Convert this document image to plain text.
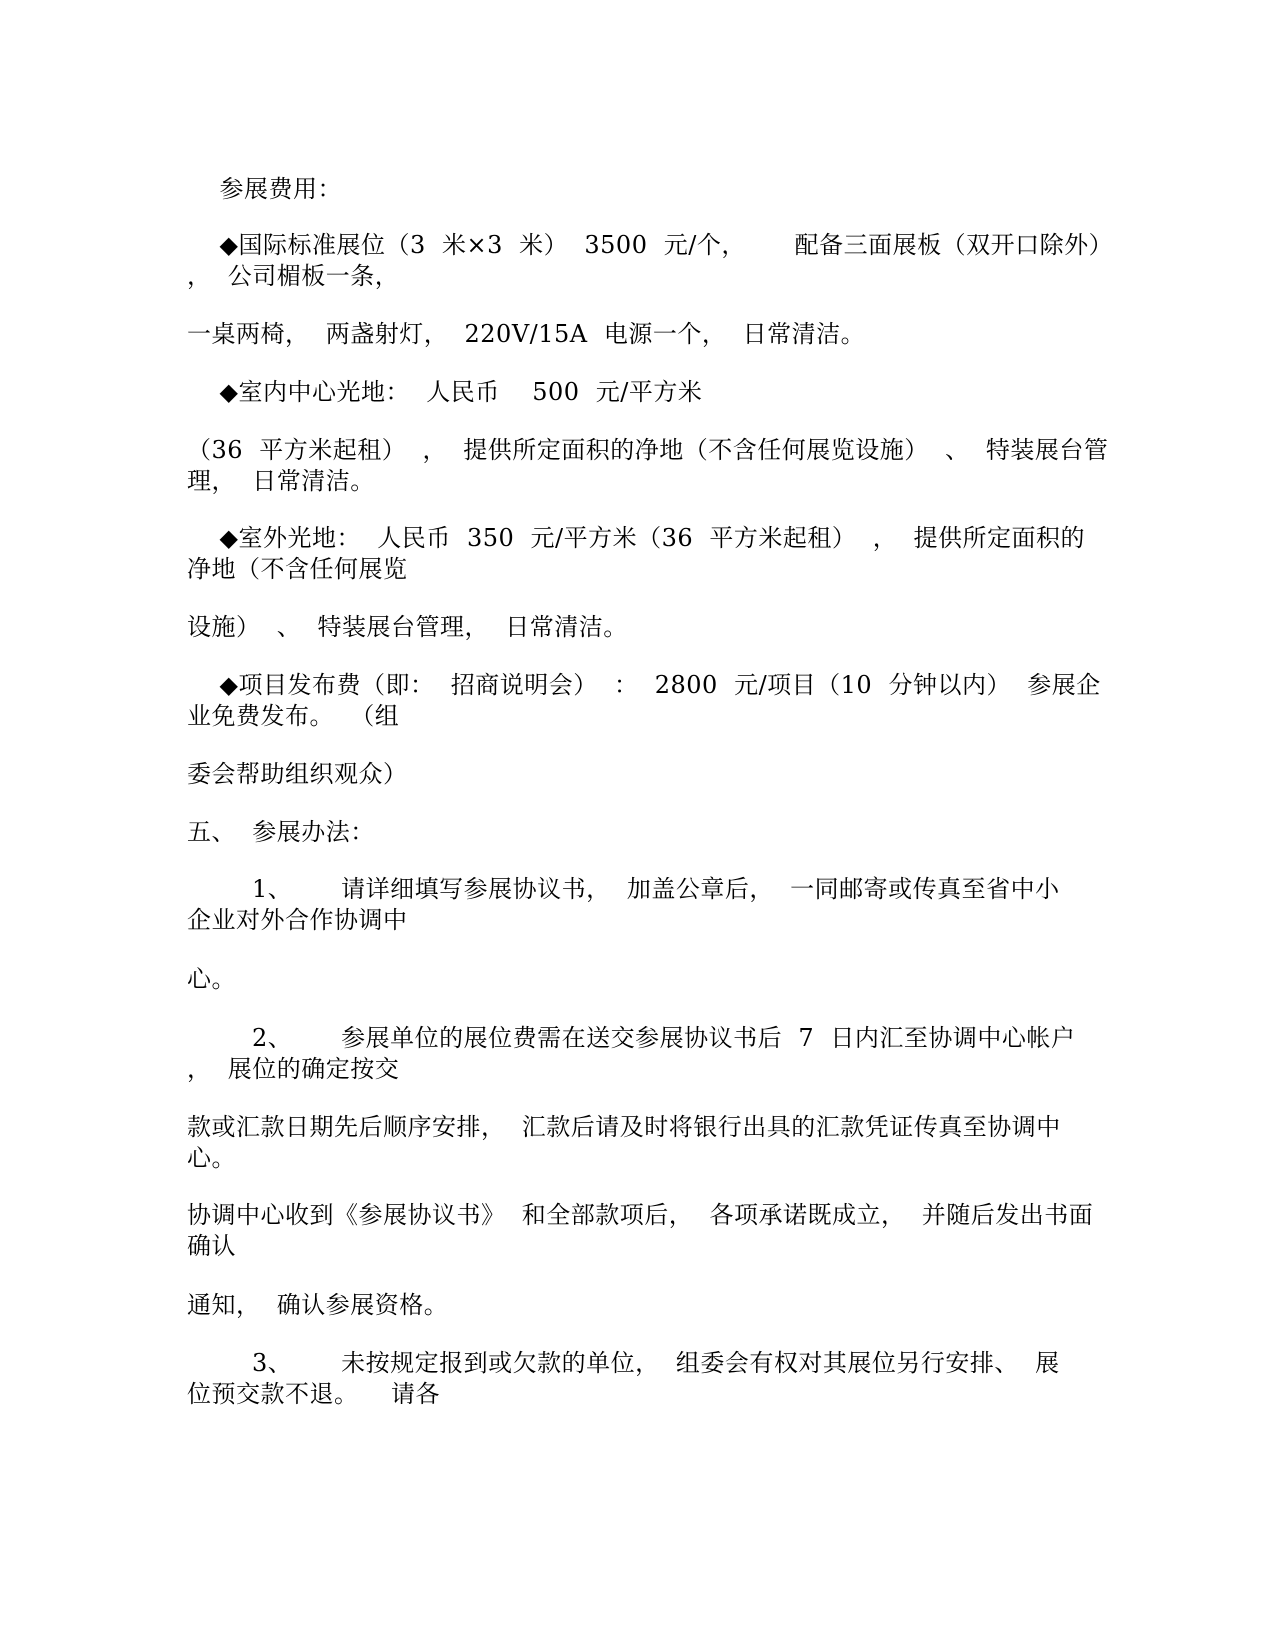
参展费用：
◆国际标准展位（3  米×3  米）  3500  元/个，      配备三面展板（双开口除外）
，  公司楣板一条，
一桌两椅，  两盏射灯，  220V/15A  电源一个，  日常清洁。
◆室内中心光地：  人民币    500  元/平方米
（36  平方米起租）  ，  提供所定面积的净地（不含任何展览设施）  、  特装展台管
理，  日常清洁。
◆室外光地：  人民币  350  元/平方米（36  平方米起租）  ，  提供所定面积的
净地（不含任何展览
设施）  、  特装展台管理，  日常清洁。
◆项目发布费（即：  招商说明会）  ：  2800  元/项目（10  分钟以内）  参展企
业免费发布。  （组
委会帮助组织观众）
五、  参展办法：
1、      请详细填写参展协议书，  加盖公章后，  一同邮寄或传真至省中小
企业对外合作协调中
心。
2、      参展单位的展位费需在送交参展协议书后  7  日内汇至协调中心帐户
，  展位的确定按交
款或汇款日期先后顺序安排，  汇款后请及时将银行出具的汇款凭证传真至协调中
心。
协调中心收到《参展协议书》  和全部款项后，  各项承诺既成立，  并随后发出书面
确认
通知，  确认参展资格。
3、      未按规定报到或欠款的单位，  组委会有权对其展位另行安排、  展
位预交款不退。    请各
